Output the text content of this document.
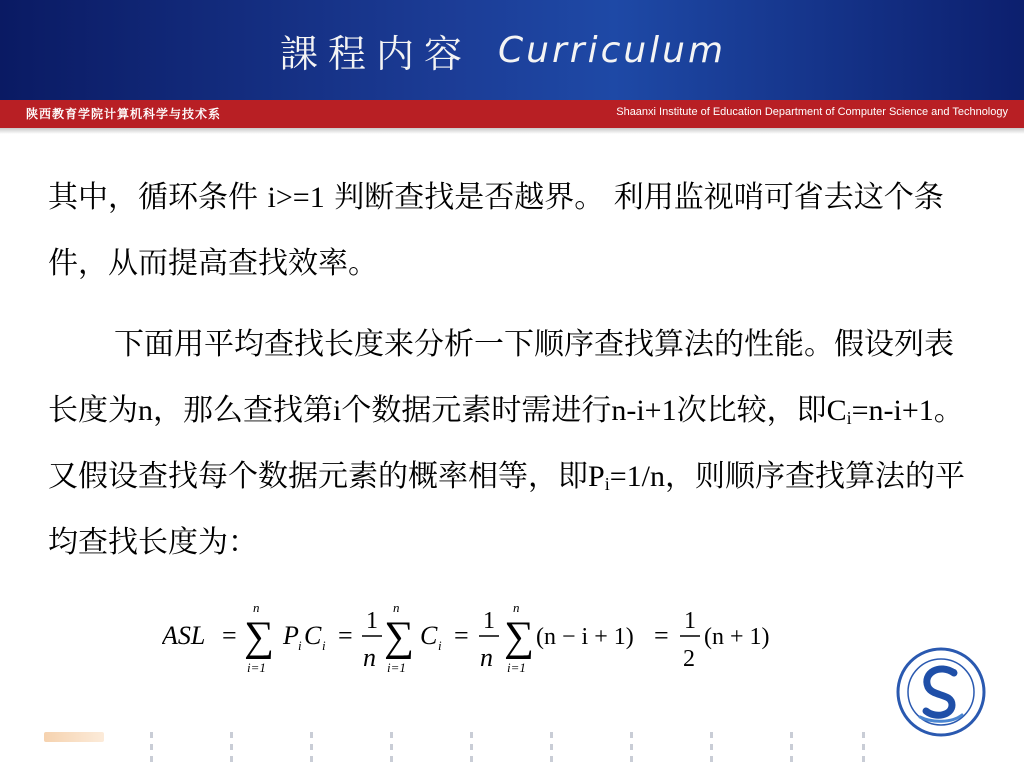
課程内容 Curriculum
陕西教育学院计算机科学与技术系	Shaanxi Institute of Education Department of Computer Science and Technology
其中，循环条件 i>=1 判断查找是否越界。 利用监视哨可省去这个条件，从而提高查找效率。
下面用平均查找长度来分析一下顺序查找算法的性能。假设列表长度为n，那么查找第i个数据元素时需进行n-i+1次比较，即$C_i=n-i+1$。又假设查找每个数据元素的概率相等，即$P_i=1/n$，则顺序查找算法的平均查找长度为：
ASL =
n
∑
i=1
P i C i = 1
n
n
∑
i=1
C i = 1
n
n
∑
i=1
(n − i + 1) = 1
2
(n + 1)
